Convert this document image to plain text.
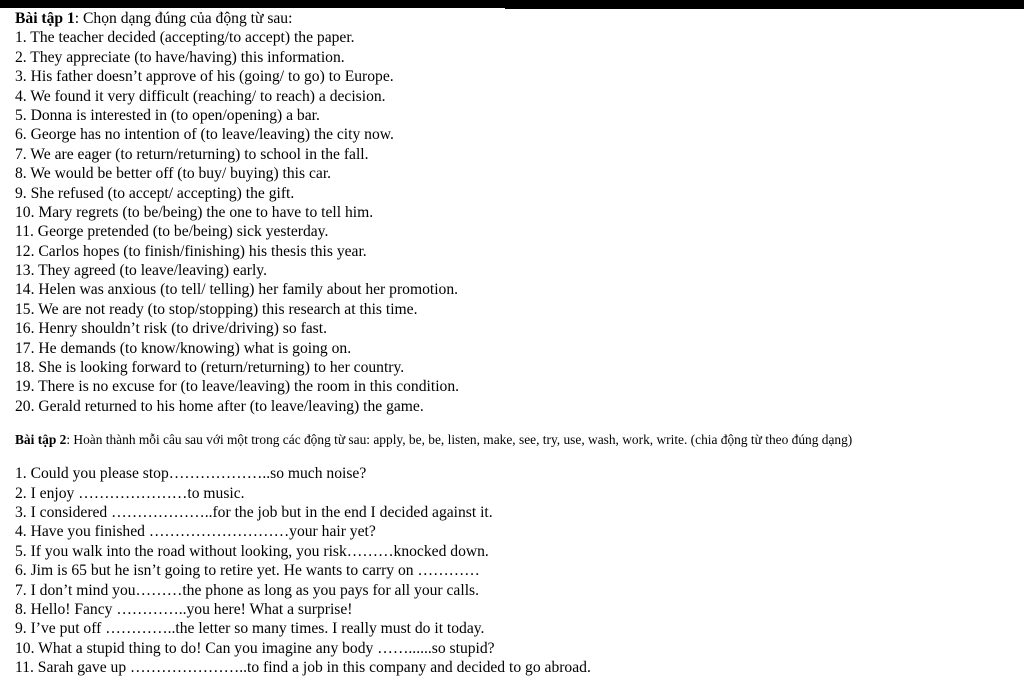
Bài tập 1: Chọn dạng đúng của động từ sau:
1. The teacher decided (accepting/to accept) the paper.
2. They appreciate (to have/having) this information.
3. His father doesn’t approve of his (going/ to go) to Europe.
4. We found it very difficult (reaching/ to reach) a decision.
5. Donna is interested in (to open/opening) a bar.
6. George has no intention of (to leave/leaving) the city now.
7. We are eager (to return/returning) to school in the fall.
8. We would be better off (to buy/ buying) this car.
9. She refused (to accept/ accepting) the gift.
10. Mary regrets (to be/being) the one to have to tell him.
11. George pretended (to be/being) sick yesterday.
12. Carlos hopes (to finish/finishing) his thesis this year.
13. They agreed (to leave/leaving) early.
14. Helen was anxious (to tell/ telling) her family about her promotion.
15. We are not ready (to stop/stopping) this research at this time.
16. Henry shouldn’t risk (to drive/driving) so fast.
17. He demands (to know/knowing) what is going on.
18. She is looking forward to (return/returning) to her country.
19. There is no excuse for (to leave/leaving) the room in this condition.
20. Gerald returned to his home after (to leave/leaving) the game.
Bài tập 2: Hoàn thành mỗi câu sau với một trong các động từ sau: apply, be, be, listen, make, see, try, use, wash, work, write. (chia động từ theo đúng dạng)
1. Could you please stop………………..so much noise?
2. I enjoy …………………to music.
3. I considered ………………..for the job but in the end I decided against it.
4. Have you finished ………………………your hair yet?
5. If you walk into the road without looking, you risk………knocked down.
6. Jim is 65 but he isn’t going to retire yet. He wants to carry on …………
7. I don’t mind you………the phone as long as you pays for all your calls.
8. Hello! Fancy …………..you here! What a surprise!
9. I’ve put off …………..the letter so many times. I really must do it today.
10. What a stupid thing to do! Can you imagine any body ……......so stupid?
11. Sarah gave up …………………..to find a job in this company and decided to go abroad.
